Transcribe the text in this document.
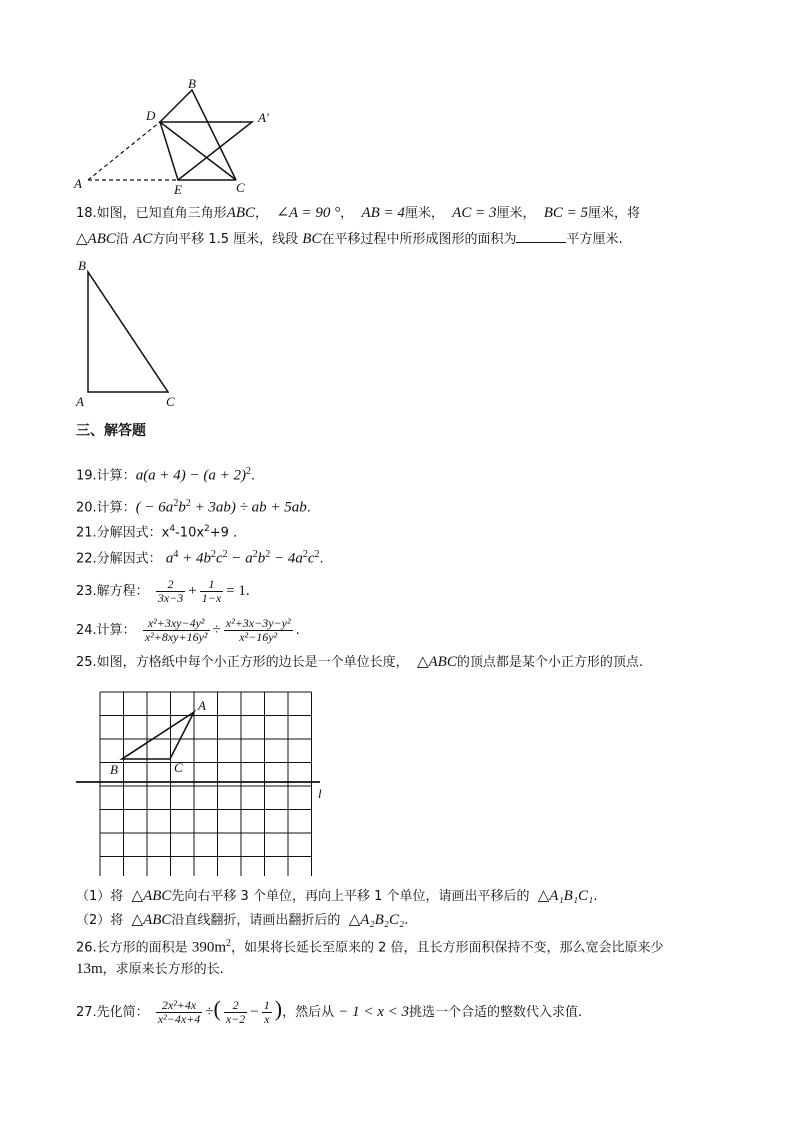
B
D	A'
A	E	C
18.如图，已知直角三角形ABC， ∠A = 90 °， AB = 4厘米， AC = 3厘米， BC = 5厘米，将
△ABC沿 AC方向平移 1.5 厘米，线段 BC在平移过程中所形成图形的面积为	平方厘米.
B
A	C
三、解答题
19.计算：$a(a + 4) - (a + 2)^2$.
20.计算：( − $6a^2b^2 + 3ab$) ÷ ab + 5ab.
21.分解因式：$x^4-10x^2+9$ ．
22.分解因式： $a^4 + 4b^2c^2 - a^2b^2 - 4a^2c^2$.
23.解方程： $\frac{2}{3x-3} + \frac{1}{1-x} = 1$.
24.计算： $\frac{\text{x²+3xy−4y²}}{\text{x²+8xy+16y²}} \div \frac{\text{x²+3x−3y−y²}}{\text{x²−16y²}}$ .
25.如图，方格纸中每个小正方形的边长是一个单位长度， △ABC的顶点都是某个小正方形的顶点.
A
B	C
l
（1）将 △ABC先向右平移 3 个单位，再向上平移 1 个单位，请画出平移后的 △A₁B₁C₁.
（2）将 △ABC沿直线翻折，请画出翻折后的 △A₂B₂C₂.
26.长方形的面积是 $390m^2$，如果将长延长至原来的 2 倍，且长方形面积保持不变，那么宽会比原来少
13m，求原来长方形的长.
27.先化简： $\frac{\text{2x²+4x}}{\text{x²−4x+4}}$ ÷( $\frac{2}{x-2} - \frac{1}{x}$ )，然后从 − 1 < x < 3挑选一个合适的整数代入求值.
